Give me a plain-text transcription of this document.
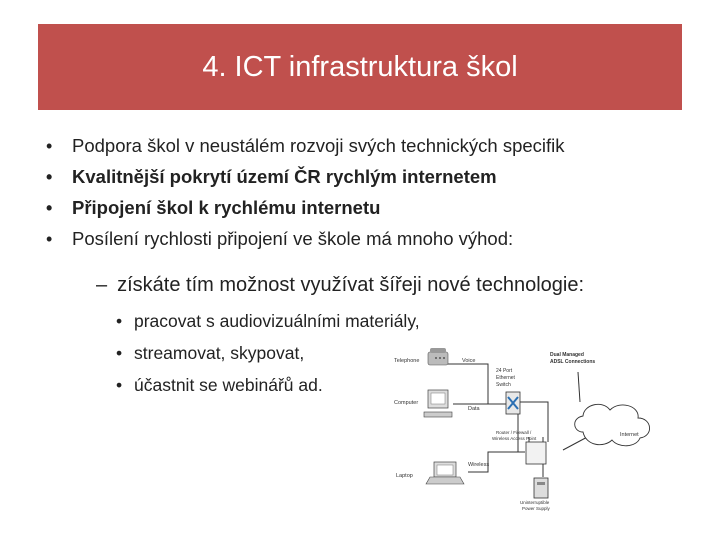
4. ICT infrastruktura škol
• Podpora škol v neustálém rozvoji svých technických specifik
• Kvalitnější pokrytí území ČR rychlým internetem
• Připojení škol k rychlému internetu
• Posílení rychlosti připojení ve škole má mnoho výhod:
– získáte tím možnost využívat šířeji nové technologie:
• pracovat s audiovizuálními materiály,
• streamovat, skypovat,
• účastnit se webinářů ad.
Telephone	Voice
24 Port
Ethernet
Switch
Dual Managed
ADSL Connections
Computer
Data
Router / Firewall /
Wireless Access Point
Internet
Laptop
Wireless
Uninterruptible
Power Supply
